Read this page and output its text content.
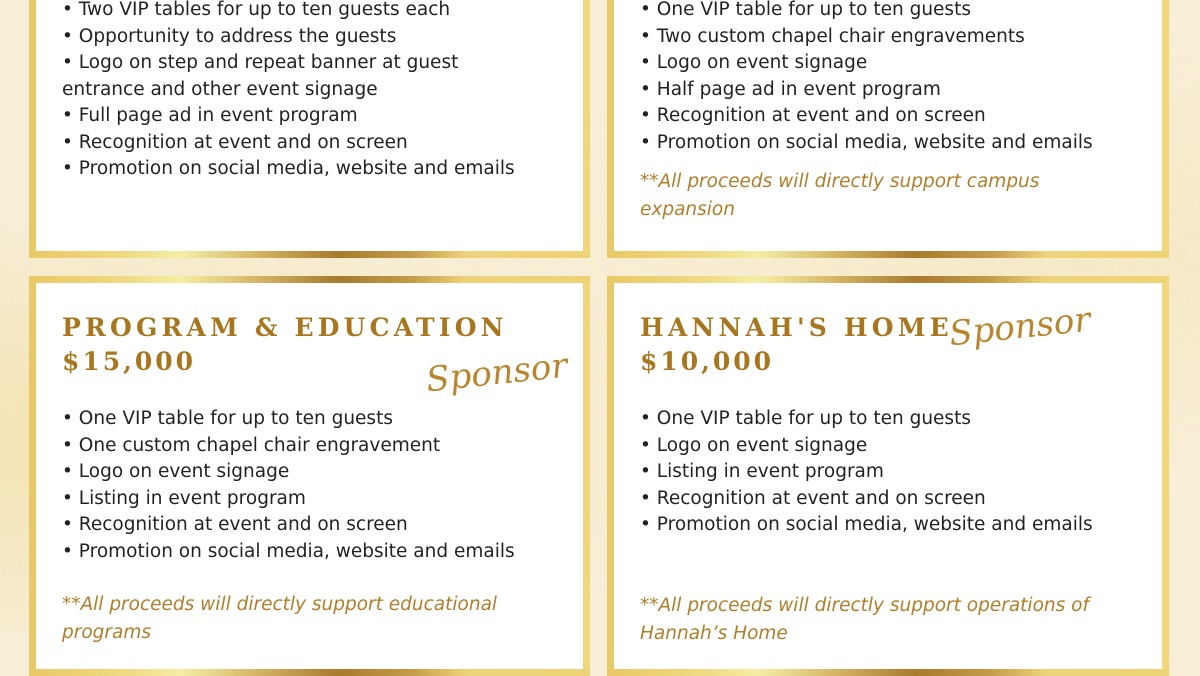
• Two VIP tables for up to ten guests each
• Opportunity to address the guests
• Logo on step and repeat banner at guest entrance and other event signage
• Full page ad in event program
• Recognition at event and on screen
• Promotion on social media, website and emails
• One VIP table for up to ten guests
• Two custom chapel chair engravements
• Logo on event signage
• Half page ad in event program
• Recognition at event and on screen
• Promotion on social media, website and emails

**All proceeds will directly support campus expansion

PROGRAM & EDUCATION
$15,000	Sponsor
• One VIP table for up to ten guests
• One custom chapel chair engravement
• Logo on event signage
• Listing in event program
• Recognition at event and on screen
• Promotion on social media, website and emails

**All proceeds will directly support educational programs

HANNAH'S HOME
$10,000
Sponsor
• One VIP table for up to ten guests
• Logo on event signage
• Listing in event program
• Recognition at event and on screen
• Promotion on social media, website and emails

**All proceeds will directly support operations of Hannah’s Home
